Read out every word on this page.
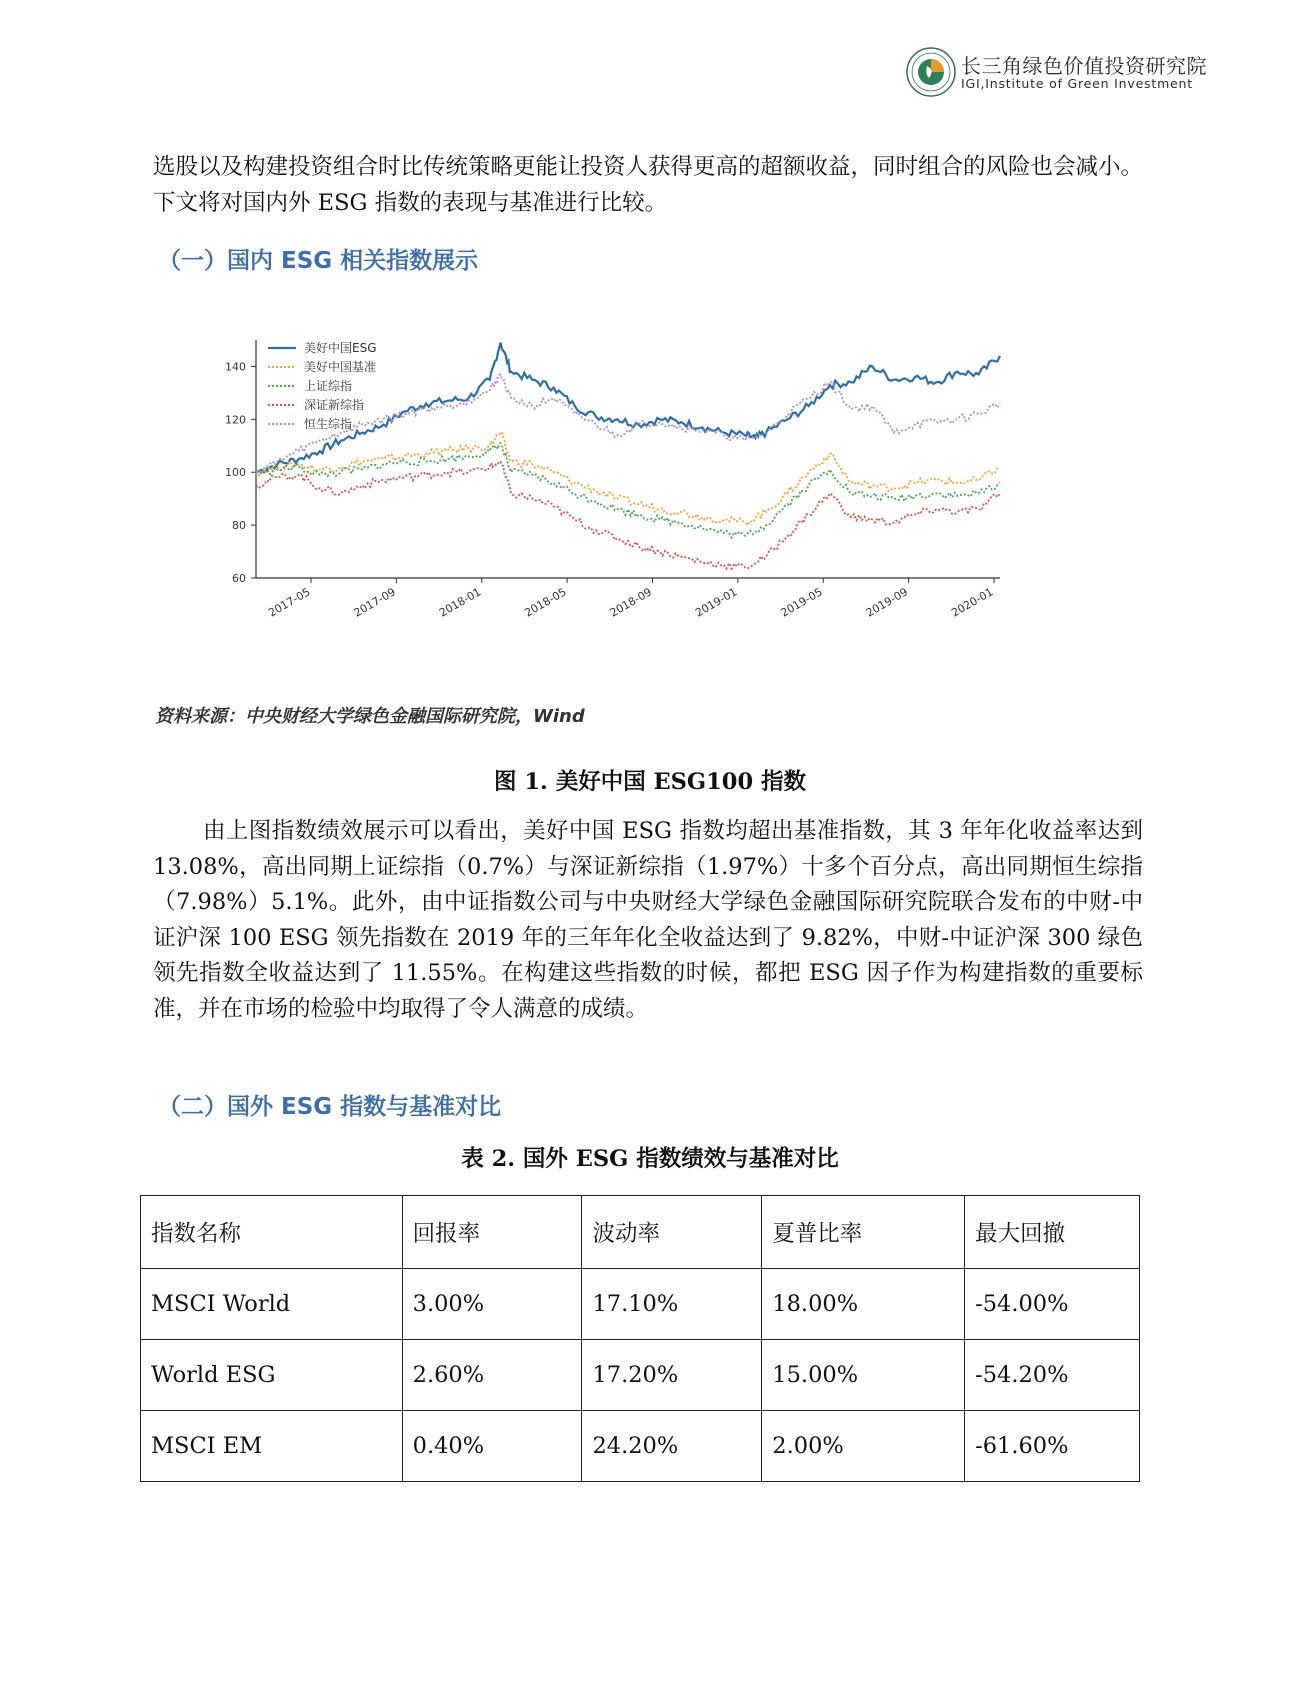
长三角绿色价值投资研究院
IGI,Institute of Green Investment

选股以及构建投资组合时比传统策略更能让投资人获得更高的超额收益，同时组合的风险也会减小。下文将对国内外 ESG 指数的表现与基准进行比较。

（一）国内 ESG 相关指数展示
60
80
100
120
140
2017-05	2017-09	2018-01	2018-05	2018-09	2019-01	2019-05	2019-09	2020-01
美好中国ESG
美好中国基准
上证综指
深证新综指
恒生综指
资料来源：中央财经大学绿色金融国际研究院，Wind
图 1. 美好中国 ESG100 指数

由上图指数绩效展示可以看出，美好中国 ESG 指数均超出基准指数，其 3 年年化收益率达到 13.08%，高出同期上证综指（0.7%）与深证新综指（1.97%）十多个百分点，高出同期恒生综指（7.98%）5.1%。此外，由中证指数公司与中央财经大学绿色金融国际研究院联合发布的中财-中证沪深 100 ESG 领先指数在 2019 年的三年年化全收益达到了 9.82%，中财-中证沪深 300 绿色领先指数全收益达到了 11.55%。在构建这些指数的时候，都把 ESG 因子作为构建指数的重要标准，并在市场的检验中均取得了令人满意的成绩。

（二）国外 ESG 指数与基准对比
表 2. 国外 ESG 指数绩效与基准对比
指数名称	回报率	波动率	夏普比率	最大回撤
MSCI World	3.00%	17.10%	18.00%	-54.00%
World ESG	2.60%	17.20%	15.00%	-54.20%
MSCI EM	0.40%	24.20%	2.00%	-61.60%
